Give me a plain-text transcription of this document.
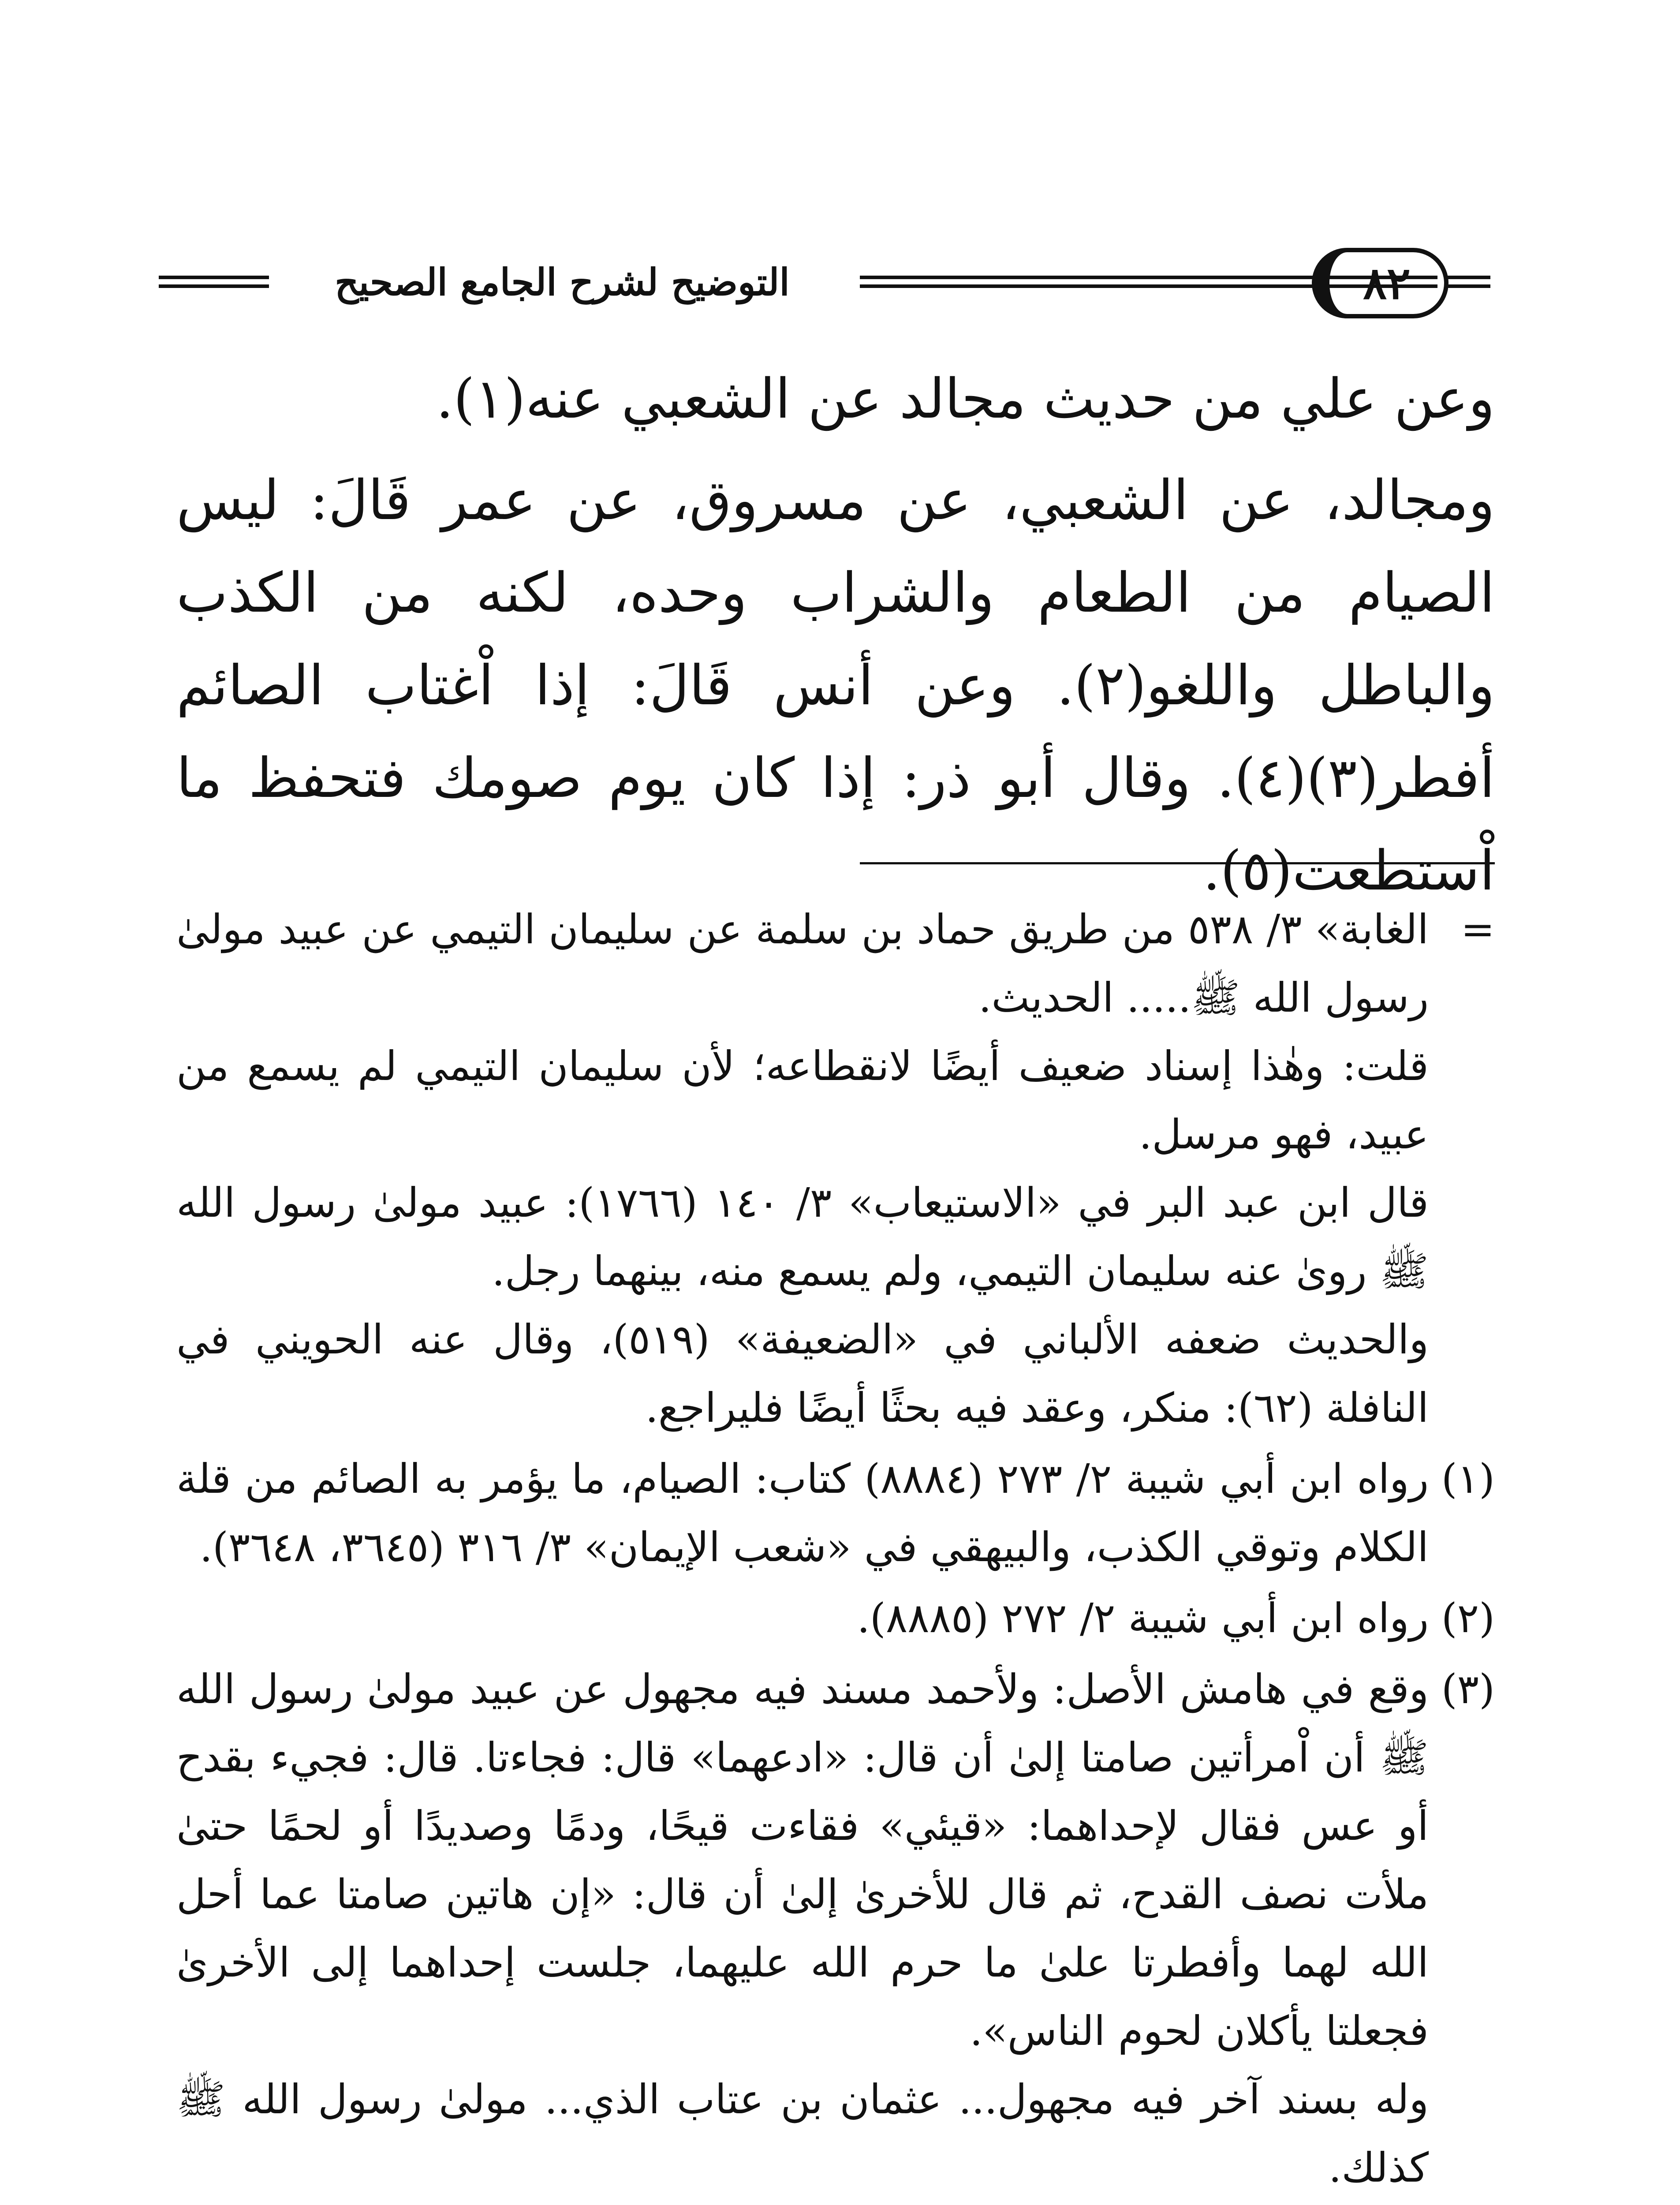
التوضيح لشرح الجامع الصحيح	٨٢

وعن علي من حديث مجالد عن الشعبي عنه(١).

ومجالد، عن الشعبي، عن مسروق، عن عمر قَالَ: ليس الصيام من الطعام والشراب وحده، لكنه من الكذب والباطل واللغو(٢). وعن أنس قَالَ: إذا اْغتاب الصائم أفطر(٣)(٤). وقال أبو ذر: إذا كان يوم صومك فتحفظ ما اْستطعت(٥).

=

الغابة» ٣/ ٥٣٨ من طريق حماد بن سلمة عن سليمان التيمي عن عبيد مولىٰ رسول الله ﷺ..... الحديث.

قلت: وهٰذا إسناد ضعيف أيضًا لانقطاعه؛ لأن سليمان التيمي لم يسمع من عبيد، فهو مرسل.

قال ابن عبد البر في «الاستيعاب» ٣/ ١٤٠ (١٧٦٦): عبيد مولىٰ رسول الله ﷺ روىٰ عنه سليمان التيمي، ولم يسمع منه، بينهما رجل.

والحديث ضعفه الألباني في «الضعيفة» (٥١٩)، وقال عنه الحويني في النافلة (٦٢): منكر، وعقد فيه بحثًا أيضًا فليراجع.

(١)

رواه ابن أبي شيبة ٢/ ٢٧٣ (٨٨٨٤) كتاب: الصيام، ما يؤمر به الصائم من قلة الكلام وتوقي الكذب، والبيهقي في «شعب الإيمان» ٣/ ٣١٦ (٣٦٤٥، ٣٦٤٨).

(٢)

رواه ابن أبي شيبة ٢/ ٢٧٢ (٨٨٨٥).

(٣)

وقع في هامش الأصل: ولأحمد مسند فيه مجهول عن عبيد مولىٰ رسول الله ﷺ أن اْمرأتين صامتا إلىٰ أن قال: «ادعهما» قال: فجاءتا. قال: فجيء بقدح أو عس فقال لإحداهما: «قيئي» فقاءت قيحًا، ودمًا وصديدًا أو لحمًا حتىٰ ملأت نصف القدح، ثم قال للأخرىٰ إلىٰ أن قال: «إن هاتين صامتا عما أحل الله لهما وأفطرتا علىٰ ما حرم الله عليهما، جلست إحداهما إلى الأخرىٰ فجعلتا يأكلان لحوم الناس».

وله بسند آخر فيه مجهول... عثمان بن عتاب الذي... مولىٰ رسول الله ﷺ كذلك.
